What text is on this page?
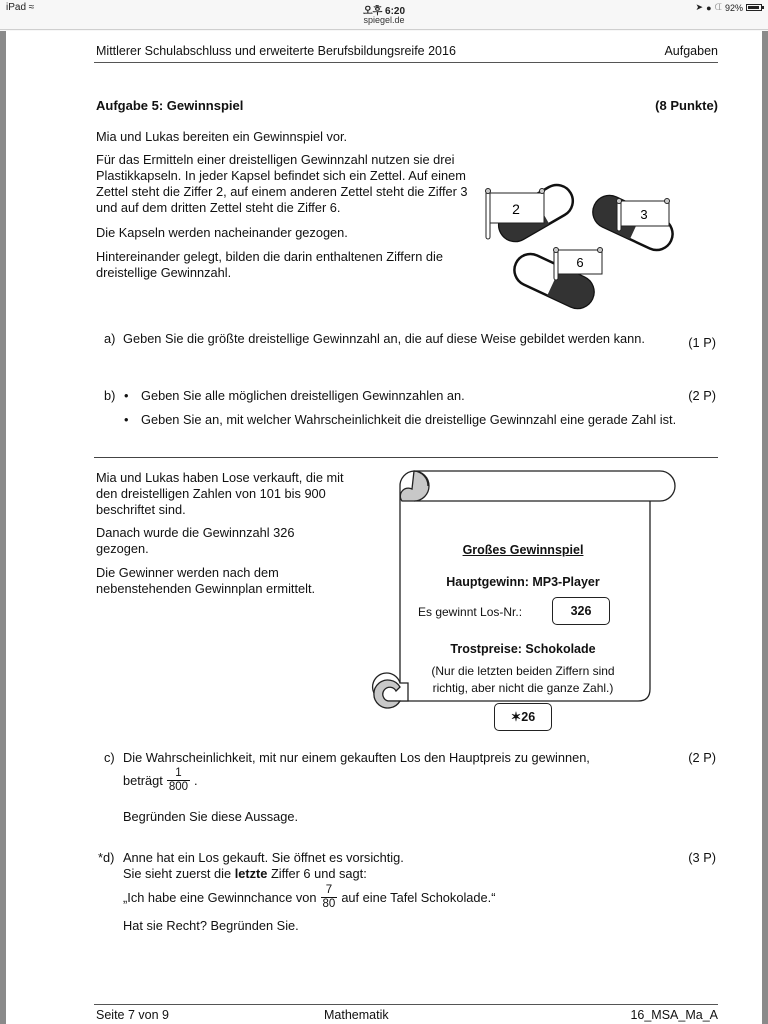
iPad ≈	오후 6:20
spiegel.de
➤ ● ᗭ 92%
Mittlerer Schulabschluss und erweiterte Berufsbildungsreife 2016	Aufgaben
Aufgabe 5: Gewinnspiel	(8 Punkte)
Mia und Lukas bereiten ein Gewinnspiel vor.
Für das Ermitteln einer dreistelligen Gewinnzahl nutzen sie drei Plastikkapseln. In jeder Kapsel befindet sich ein Zettel. Auf einem Zettel steht die Ziffer 2, auf einem anderen Zettel steht die Ziffer 3 und auf dem dritten Zettel steht die Ziffer 6.
Die Kapseln werden nacheinander gezogen.
Hintereinander gelegt, bilden die darin enthaltenen Ziffern die dreistellige Gewinnzahl.
2	3
6
a) Geben Sie die größte dreistellige Gewinnzahl an, die auf diese Weise gebildet werden kann.	(1 P)
b) • Geben Sie alle möglichen dreistelligen Gewinnzahlen an.	(2 P)
• Geben Sie an, mit welcher Wahrscheinlichkeit die dreistellige Gewinnzahl eine gerade Zahl ist.
Mia und Lukas haben Lose verkauft, die mit den dreistelligen Zahlen von 101 bis 900 beschriftet sind.
Danach wurde die Gewinnzahl 326 gezogen.
Die Gewinner werden nach dem nebenstehenden Gewinnplan ermittelt.
Großes Gewinnspiel
Hauptgewinn: MP3-Player
Es gewinnt Los-Nr.:	326
Trostpreise: Schokolade
(Nur die letzten beiden Ziffern sind
richtig, aber nicht die ganze Zahl.)
✶26
c) Die Wahrscheinlichkeit, mit nur einem gekauften Los den Hauptpreis zu gewinnen,	(2 P)
beträgt $\frac{1}{800}$ .
Begründen Sie diese Aussage.
*d) Anne hat ein Los gekauft. Sie öffnet es vorsichtig.	(3 P)
Sie sieht zuerst die letzte Ziffer 6 und sagt:
„Ich habe eine Gewinnchance von $\frac{7}{80}$ auf eine Tafel Schokolade.“
Hat sie Recht? Begründen Sie.
Seite 7 von 9	Mathematik	16_MSA_Ma_A
